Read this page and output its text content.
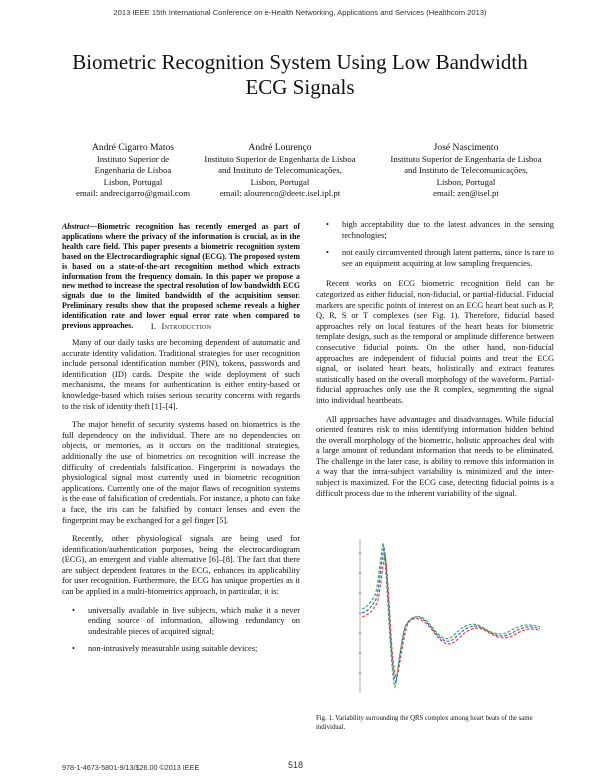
2013 IEEE 15th International Conference on e-Health Networking, Applications and Services (Healthcom 2013)
Biometric Recognition System Using Low Bandwidth ECG Signals
André Cigarro Matos
Instituto Superior de
Engenharia de Lisboa
Lisbon, Portugal
email: andrecigarro@gmail.com
André Lourenço
Instituto Superior de Engenharia de Lisboa
and Instituto de Telecomunicações,
Lisbon, Portugal
email: alourenco@deetc.isel.ipl.pt
José Nascimento
Instituto Superior de Engenharia de Lisboa
and Instituto de Telecomunicações,
Lisbon, Portugal
email: zen@isel.pt
Abstract—Biometric recognition has recently emerged as part of applications where the privacy of the information is crucial, as in the health care field. This paper presents a biometric recognition system based on the Electrocardiographic signal (ECG). The proposed system is based on a state-of-the-art recognition method which extracts information from the frequency domain. In this paper we propose a new method to increase the spectral resolution of low bandwidth ECG signals due to the limited bandwidth of the acquisition sensor. Preliminary results show that the proposed scheme reveals a higher identification rate and lower equal error rate when compared to previous approaches.	I. Introduction

Many of our daily tasks are becoming dependent of automatic and accurate identity validation. Traditional strategies for user recognition include personal identification number (PIN), tokens, passwords and identification (ID) cards. Despite the wide deployment of such mechanisms, the means for authentication is either entity-based or knowledge-based which raises serious security concerns with regards to the risk of identity theft [1]–[4].

The major benefit of security systems based on biometrics is the full dependency on the individual. There are no dependencies on objects, or memories, as it occurs on the traditional strategies, additionally the use of biometrics on recognition will increase the difficulty of credentials falsification. Fingerprint is nowadays the physiological signal most currently used in biometric recognition applications. Currently one of the major flaws of recognition systems is the ease of falsification of credentials. For instance, a photo can fake a face, the iris can be falsified by contact lenses and even the fingerprint may be exchanged for a gel finger [5].

Recently, other physiological signals are being used for identification/authentication purposes, being the electrocardiogram (ECG), an emergent and viable alternative [6]–[8]. The fact that there are subject dependent features in the ECG, enhances its applicability for user recognition. Furthermore, the ECG has unique properties as it can be applied in a multi-biometrics approach, in particular, it is:

• universally available in live subjects, which make it a never ending source of information, allowing redundancy on undesirable pieces of acquired signal;
• non-intrusively measurable using suitable devices;
• high acceptability due to the latest advances in the sensing technologies;
• not easily circumvented through latent patterns, since is rare to see an equipment acquiring at low sampling frequencies.

Recent works on ECG biometric recognition field can be categorized as either fiducial, non-fiducial, or partial-fiducial. Fiducial markers are specific points of interest on an ECG heart beat such as P, Q, R, S or T complexes (see Fig. 1). Therefore, fiducial based approaches rely on local features of the heart beats for biometric template design, such as the temporal or amplitude difference between consecutive fiducial points. On the other hand, non-fiducial approaches are independent of fiducial points and treat the ECG signal, or isolated heart beats, holistically and extract features statistically based on the overall morphology of the waveform. Partial-fiducial approaches only use the R complex, segmenting the signal into individual heartbeats.

All approaches have advantages and disadvantages. While fiducial oriented features risk to miss identifying information hidden behind the overall morphology of the biometric, holistic approaches deal with a large amount of redundant information that needs to be eliminated. The challenge in the later case, is ability to remove this information in a way that the intra-subject variability is minimized and the inter-subject is maximized. For the ECG case, detecting fiducial points is a difficult process due to the inherent variability of the signal.

Fig. 1. Variability surrounding the QRS complex among heart beats of the same individual.
978-1-4673-5801-9/13/$26.00 ©2013 IEEE	518
